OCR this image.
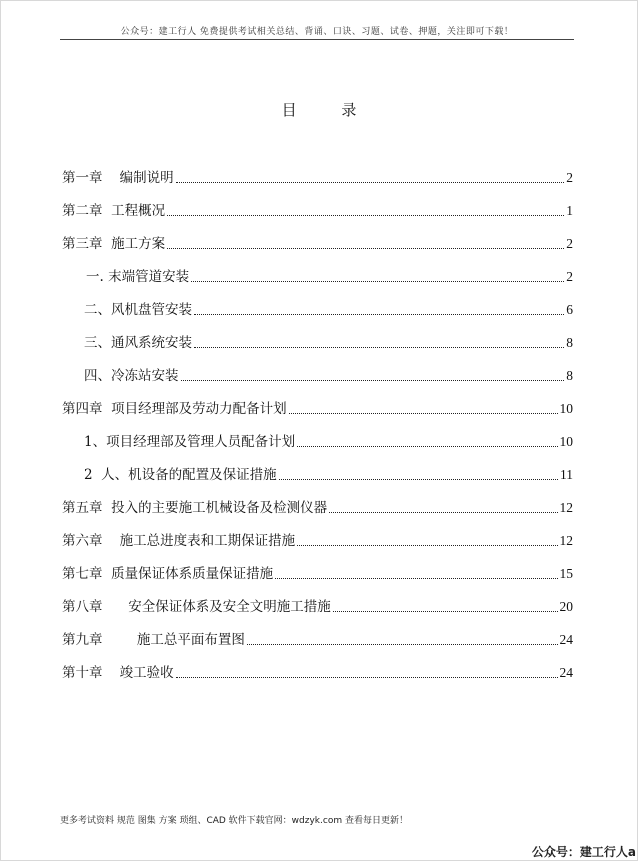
公众号：建工行人 免费提供考试相关总结、背诵、口诀、习题、试卷、押题，关注即可下载！
目 录
第一章    编制说明	2
第二章  工程概况	1
第三章  施工方案	2
一. 末端管道安装	2
二、风机盘管安装	6
三、通风系统安装	8
四、冷冻站安装	8
第四章  项目经理部及劳动力配备计划	10
1、项目经理部及管理人员配备计划	10
2  人、机设备的配置及保证措施	11
第五章  投入的主要施工机械设备及检测仪器	12
第六章    施工总进度表和工期保证措施	12
第七章  质量保证体系质量保证措施	15
第八章      安全保证体系及安全文明施工措施	20
第九章        施工总平面布置图	24
第十章    竣工验收	24
更多考试资料 规范 图集 方案 琐组、CAD 软件下载官网：wdzyk.com 查看每日更新！
公众号：建工行人a
